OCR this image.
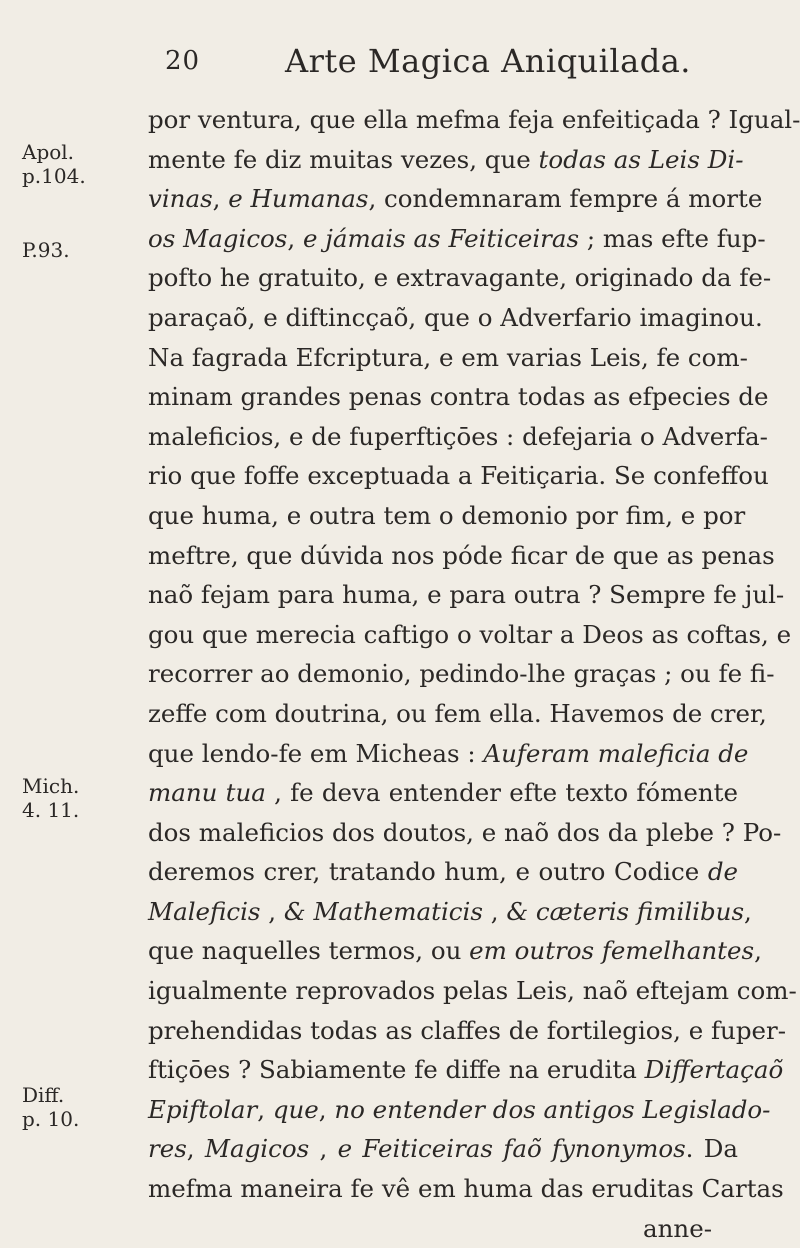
20	Arte Magica Aniquilada.
Apol.
p.104.
P.93.
Mich.
4. 11.
Diff.
p. 10.
por ventura, que ella mefma feja enfeitiçada ? Igual-
mente fe diz muitas vezes, que todas as Leis Di-
vinas, e Humanas, condemnaram fempre á morte
os Magicos, e jámais as Feiticeiras ; mas efte fup-
pofto he gratuito, e extravagante, originado da fe-
paraçaõ, e diftincçaõ, que o Adverfario imaginou.
Na fagrada Efcriptura, e em varias Leis, fe com-
minam grandes penas contra todas as efpecies de
maleficios, e de fuperftiçōes : defejaria o Adverfa-
rio que foffe exceptuada a Feitiçaria. Se confeffou
que huma, e outra tem o demonio por fim, e por
meftre, que dúvida nos póde ficar de que as penas
naõ fejam para huma, e para outra ? Sempre fe jul-
gou que merecia caftigo o voltar a Deos as coftas, e
recorrer ao demonio, pedindo-lhe graças ; ou fe fi-
zeffe com doutrina, ou fem ella. Havemos de crer,
que lendo-fe em Micheas : Auferam maleficia de
manu tua , fe deva entender efte texto fómente
dos maleficios dos doutos, e naõ dos da plebe ? Po-
deremos crer, tratando hum, e outro Codice de
Maleficis , & Mathematicis , & cæteris fimilibus,
que naquelles termos, ou em outros femelhantes,
igualmente reprovados pelas Leis, naõ eftejam com-
prehendidas todas as claffes de fortilegios, e fuper-
ftiçōes ? Sabiamente fe diffe na erudita Differtaçaõ
Epiftolar, que, no entender dos antigos Legislado-
res, Magicos , e Feiticeiras faõ fynonymos. Da
mefma maneira fe vê em huma das eruditas Cartas
anne-
